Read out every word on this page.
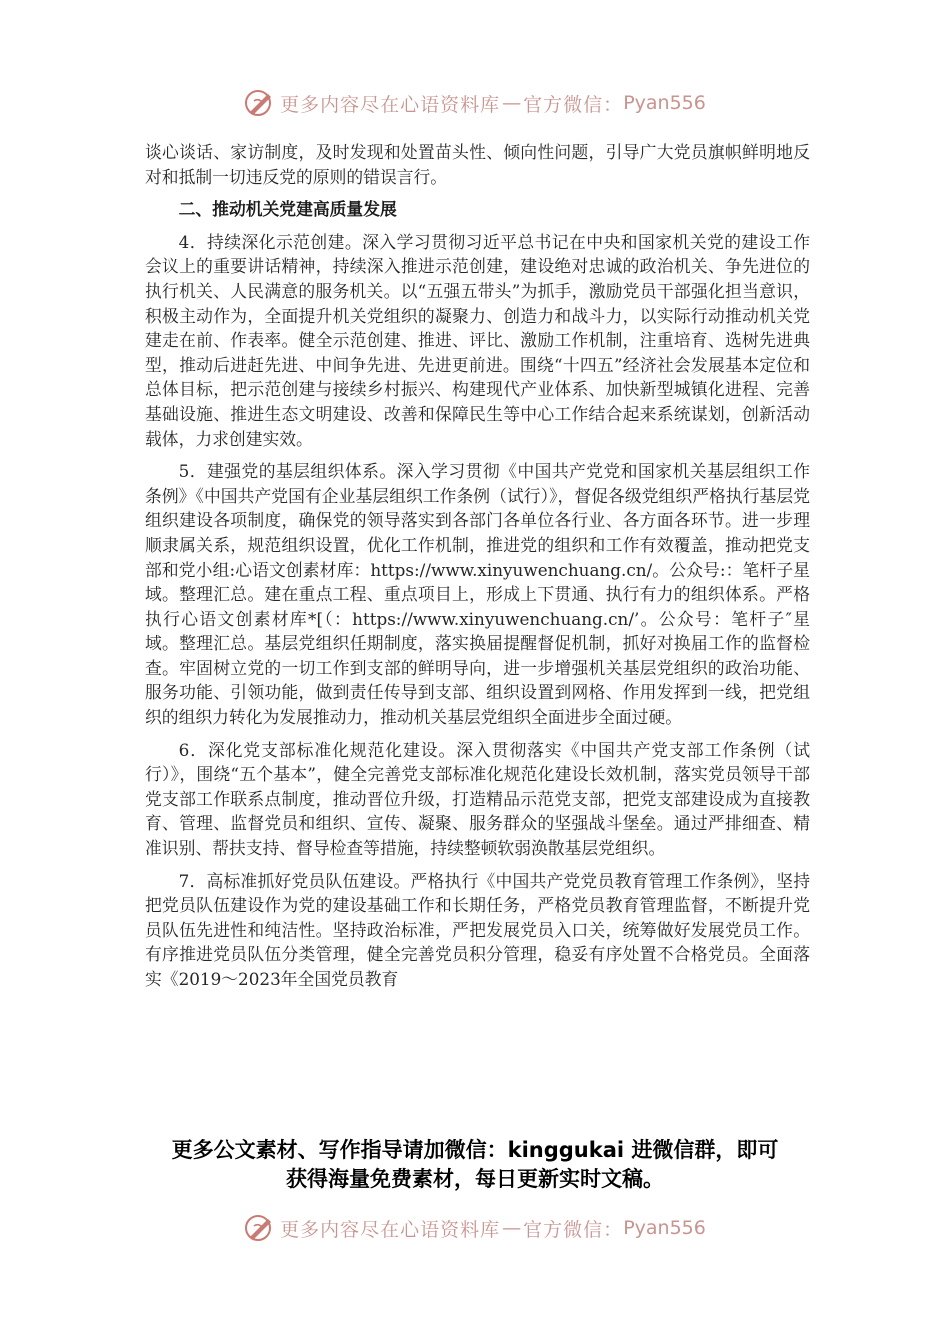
更多内容尽在心语资料库 — 官方微信： Pyan556

谈心谈话、家访制度，及时发现和处置苗头性、倾向性问题，引导广大党员旗帜鲜明地反对和抵制一切违反党的原则的错误言行。

二、推动机关党建高质量发展

4．持续深化示范创建。深入学习贯彻习近平总书记在中央和国家机关党的建设工作会议上的重要讲话精神，持续深入推进示范创建，建设绝对忠诚的政治机关、争先进位的执行机关、人民满意的服务机关。以“五强五带头”为抓手，激励党员干部强化担当意识，积极主动作为，全面提升机关党组织的凝聚力、创造力和战斗力，以实际行动推动机关党建走在前、作表率。健全示范创建、推进、评比、激励工作机制，注重培育、选树先进典型，推动后进赶先进、中间争先进、先进更前进。围绕“十四五”经济社会发展基本定位和总体目标，把示范创建与接续乡村振兴、构建现代产业体系、加快新型城镇化进程、完善基础设施、推进生态文明建设、改善和保障民生等中心工作结合起来系统谋划，创新活动载体，力求创建实效。

5．建强党的基层组织体系。深入学习贯彻《中国共产党党和国家机关基层组织工作条例》《中国共产党国有企业基层组织工作条例（试行）》，督促各级党组织严格执行基层党组织建设各项制度，确保党的领导落实到各部门各单位各行业、各方面各环节。进一步理顺隶属关系，规范组织设置，优化工作机制，推进党的组织和工作有效覆盖，推动把党支部和党小组:心语文创素材库：https://www.xinyuwenchuang.cn/。公众号:：笔杆子星域。整理汇总。建在重点工程、重点项目上，形成上下贯通、执行有力的组织体系。严格执行心语文创素材库*[（：https://www.xinyuwenchuang.cn/’。公众号：笔杆子″星域。整理汇总。基层党组织任期制度，落实换届提醒督促机制，抓好对换届工作的监督检查。牢固树立党的一切工作到支部的鲜明导向，进一步增强机关基层党组织的政治功能、服务功能、引领功能，做到责任传导到支部、组织设置到网格、作用发挥到一线，把党组织的组织力转化为发展推动力，推动机关基层党组织全面进步全面过硬。

6．深化党支部标准化规范化建设。深入贯彻落实《中国共产党支部工作条例（试行）》，围绕“五个基本”，健全完善党支部标准化规范化建设长效机制，落实党员领导干部党支部工作联系点制度，推动晋位升级，打造精品示范党支部，把党支部建设成为直接教育、管理、监督党员和组织、宣传、凝聚、服务群众的坚强战斗堡垒。通过严排细查、精准识别、帮扶支持、督导检查等措施，持续整顿软弱涣散基层党组织。

7．高标准抓好党员队伍建设。严格执行《中国共产党党员教育管理工作条例》，坚持把党员队伍建设作为党的建设基础工作和长期任务，严格党员教育管理监督，不断提升党员队伍先进性和纯洁性。坚持政治标准，严把发展党员入口关，统筹做好发展党员工作。有序推进党员队伍分类管理，健全完善党员积分管理，稳妥有序处置不合格党员。全面落实《2019～2023年全国党员教育

更多公文素材、写作指导请加微信：kinggukai 进微信群，即可
获得海量免费素材，每日更新实时文稿。
更多内容尽在心语资料库 — 官方微信： Pyan556
